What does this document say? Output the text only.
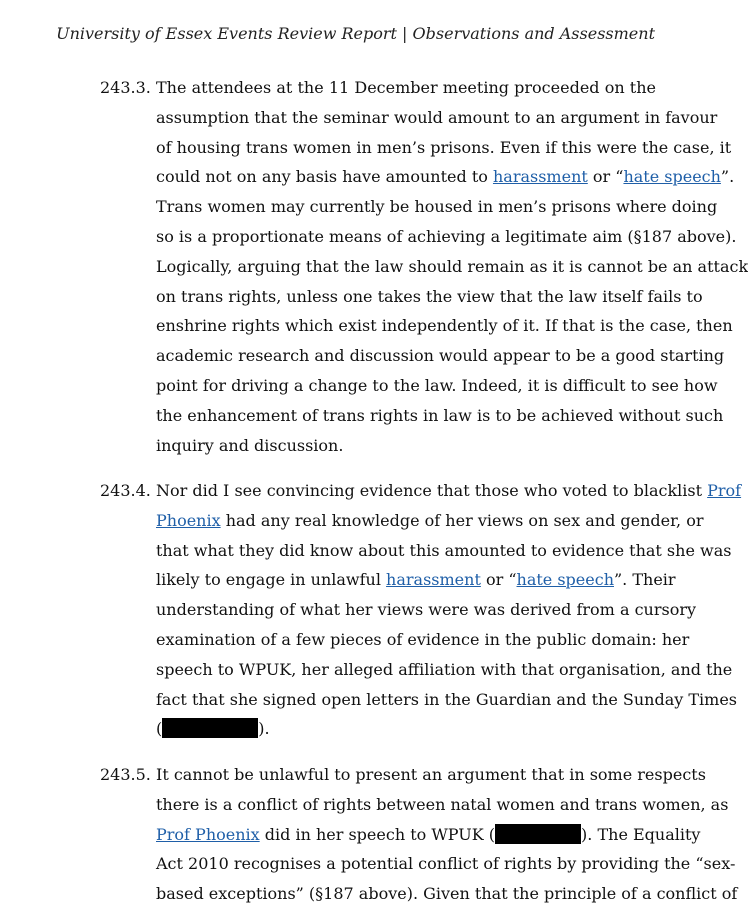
University of Essex Events Review Report | Observations and Assessment
243.3. The attendees at the 11 December meeting proceeded on the
assumption that the seminar would amount to an argument in favour
of housing trans women in men’s prisons. Even if this were the case, it
could not on any basis have amounted to harassment or “hate speech”.
Trans women may currently be housed in men’s prisons where doing
so is a proportionate means of achieving a legitimate aim (§187 above).
Logically, arguing that the law should remain as it is cannot be an attack
on trans rights, unless one takes the view that the law itself fails to
enshrine rights which exist independently of it. If that is the case, then
academic research and discussion would appear to be a good starting
point for driving a change to the law. Indeed, it is difficult to see how
the enhancement of trans rights in law is to be achieved without such
inquiry and discussion.
243.4. Nor did I see convincing evidence that those who voted to blacklist Prof
Phoenix had any real knowledge of her views on sex and gender, or
that what they did know about this amounted to evidence that she was
likely to engage in unlawful harassment or “hate speech”. Their
understanding of what her views were was derived from a cursory
examination of a few pieces of evidence in the public domain: her
speech to WPUK, her alleged affiliation with that organisation, and the
fact that she signed open letters in the Guardian and the Sunday Times
(	).
243.5. It cannot be unlawful to present an argument that in some respects
there is a conflict of rights between natal women and trans women, as
Prof Phoenix did in her speech to WPUK (	). The Equality
Act 2010 recognises a potential conflict of rights by providing the “sex-
based exceptions” (§187 above). Given that the principle of a conflict of
